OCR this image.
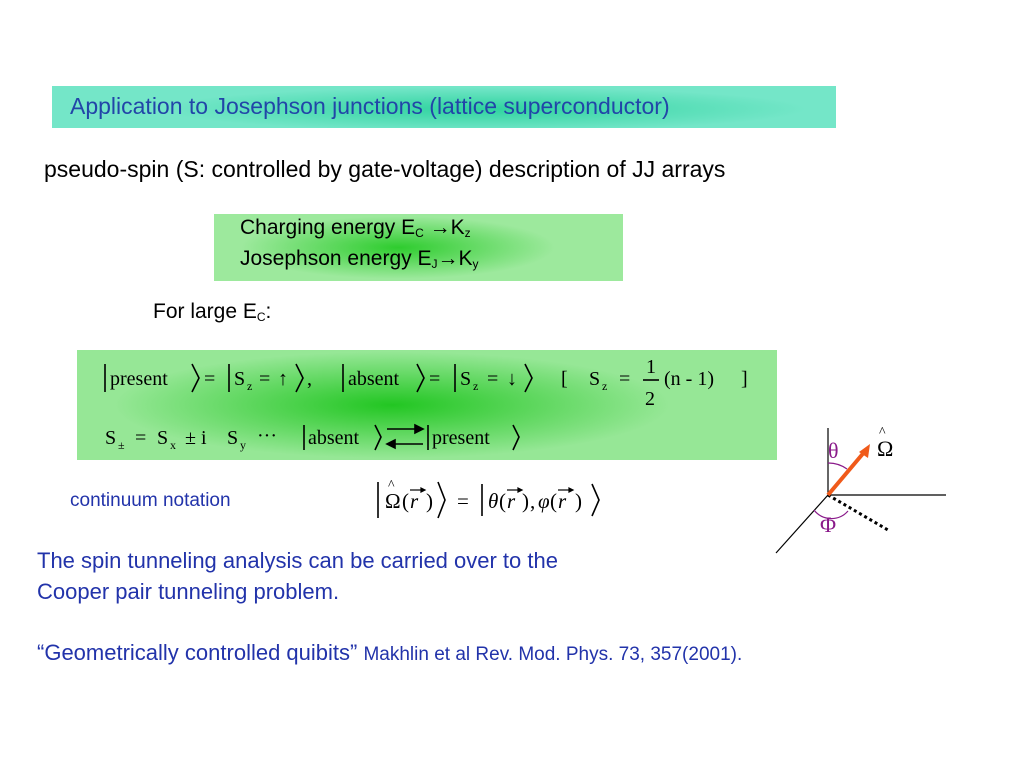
Application to Josephson junctions (lattice superconductor)
pseudo-spin (S: controlled by gate-voltage) description of JJ arrays
Charging energy $E_C \to K_z$
Josephson energy $E_J\to K_y$
For large $E_C$:
present = S z = ↑ , absent = S z = ↓ [ S z =
1
2
(n - 1) ]
S ± = S x ± i S y ··· absent	present
continuum notation
^
Ω ( r ) = θ ( r ) , φ ( r )
θ
Φ
Ω
^
The spin tunneling analysis can be carried over to the
Cooper pair tunneling problem.
“Geometrically controlled quibits” Makhlin et al Rev. Mod. Phys. 73, 357(2001).
